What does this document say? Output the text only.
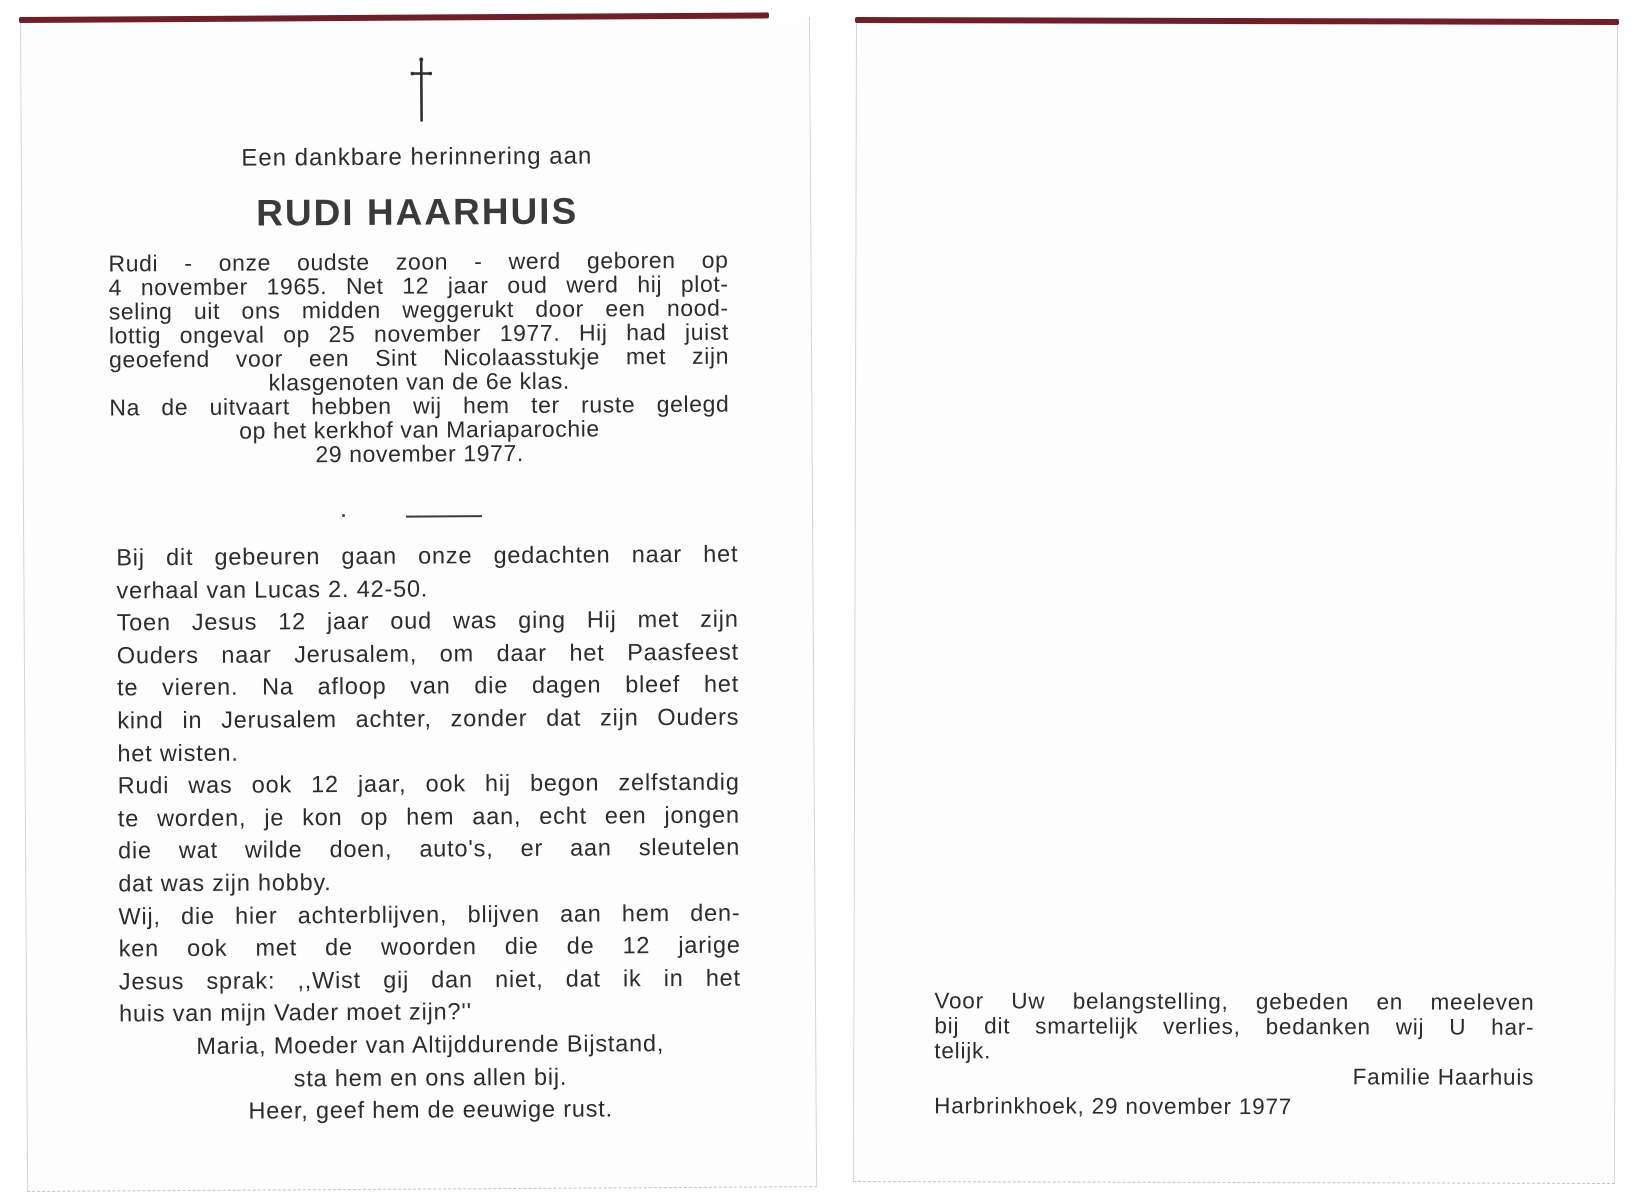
Een dankbare herinnering aan
RUDI HAARHUIS
Rudi - onze oudste zoon - werd geboren op
4 november 1965. Net 12 jaar oud werd hij plot-
seling uit ons midden weggerukt door een nood-
lottig ongeval op 25 november 1977. Hij had juist
geoefend voor een Sint Nicolaasstukje met zijn
klasgenoten van de 6e klas.
Na de uitvaart hebben wij hem ter ruste gelegd
op het kerkhof van Mariaparochie
29 november 1977.
Bij dit gebeuren gaan onze gedachten naar het
verhaal van Lucas 2. 42-50.
Toen Jesus 12 jaar oud was ging Hij met zijn
Ouders naar Jerusalem, om daar het Paasfeest
te vieren. Na afloop van die dagen bleef het
kind in Jerusalem achter, zonder dat zijn Ouders
het wisten.
Rudi was ook 12 jaar, ook hij begon zelfstandig
te worden, je kon op hem aan, echt een jongen
die wat wilde doen, auto's, er aan sleutelen
dat was zijn hobby.
Wij, die hier achterblijven, blijven aan hem den-
ken ook met de woorden die de 12 jarige
Jesus sprak: ,,Wist gij dan niet, dat ik in het
huis van mijn Vader moet zijn?''
Maria, Moeder van Altijddurende Bijstand,
sta hem en ons allen bij.
Heer, geef hem de eeuwige rust.
Voor Uw belangstelling, gebeden en meeleven
bij dit smartelijk verlies, bedanken wij U har-
telijk.
Familie Haarhuis
Harbrinkhoek, 29 november 1977
